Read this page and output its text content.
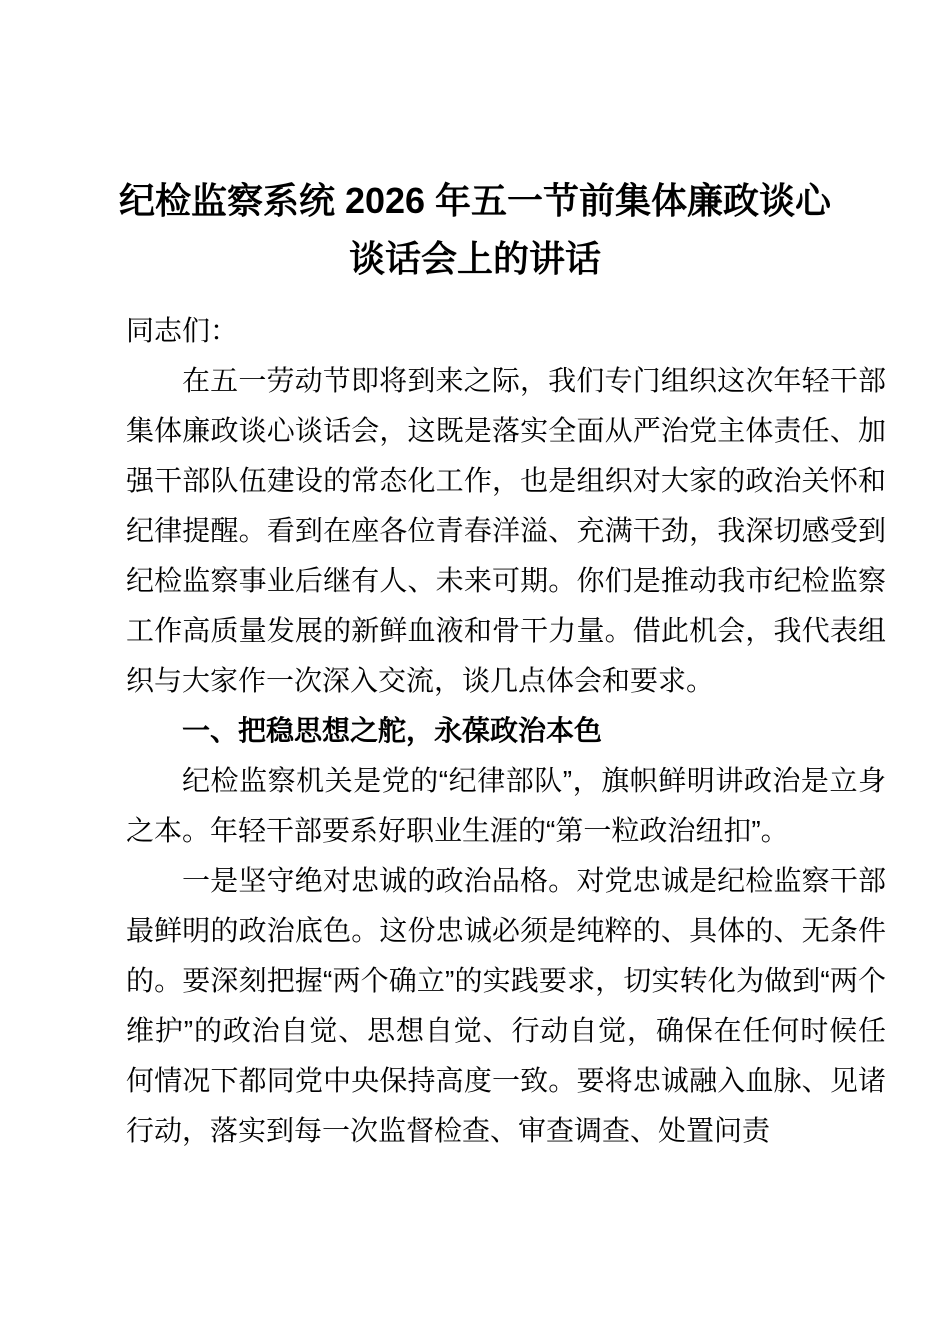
纪检监察系统 2026 年五一节前集体廉政谈心
谈话会上的讲话

同志们：

在五一劳动节即将到来之际，我们专门组织这次年轻干部集体廉政谈心谈话会，这既是落实全面从严治党主体责任、加强干部队伍建设的常态化工作，也是组织对大家的政治关怀和纪律提醒。看到在座各位青春洋溢、充满干劲，我深切感受到纪检监察事业后继有人、未来可期。你们是推动我市纪检监察工作高质量发展的新鲜血液和骨干力量。借此机会，我代表组织与大家作一次深入交流，谈几点体会和要求。

一、把稳思想之舵，永葆政治本色

纪检监察机关是党的“纪律部队”，旗帜鲜明讲政治是立身之本。年轻干部要系好职业生涯的“第一粒政治纽扣”。

一是坚守绝对忠诚的政治品格。对党忠诚是纪检监察干部最鲜明的政治底色。这份忠诚必须是纯粹的、具体的、无条件的。要深刻把握“两个确立”的实践要求，切实转化为做到“两个维护”的政治自觉、思想自觉、行动自觉，确保在任何时候任何情况下都同党中央保持高度一致。要将忠诚融入血脉、见诸行动，落实到每一次监督检查、审查调查、处置问责
